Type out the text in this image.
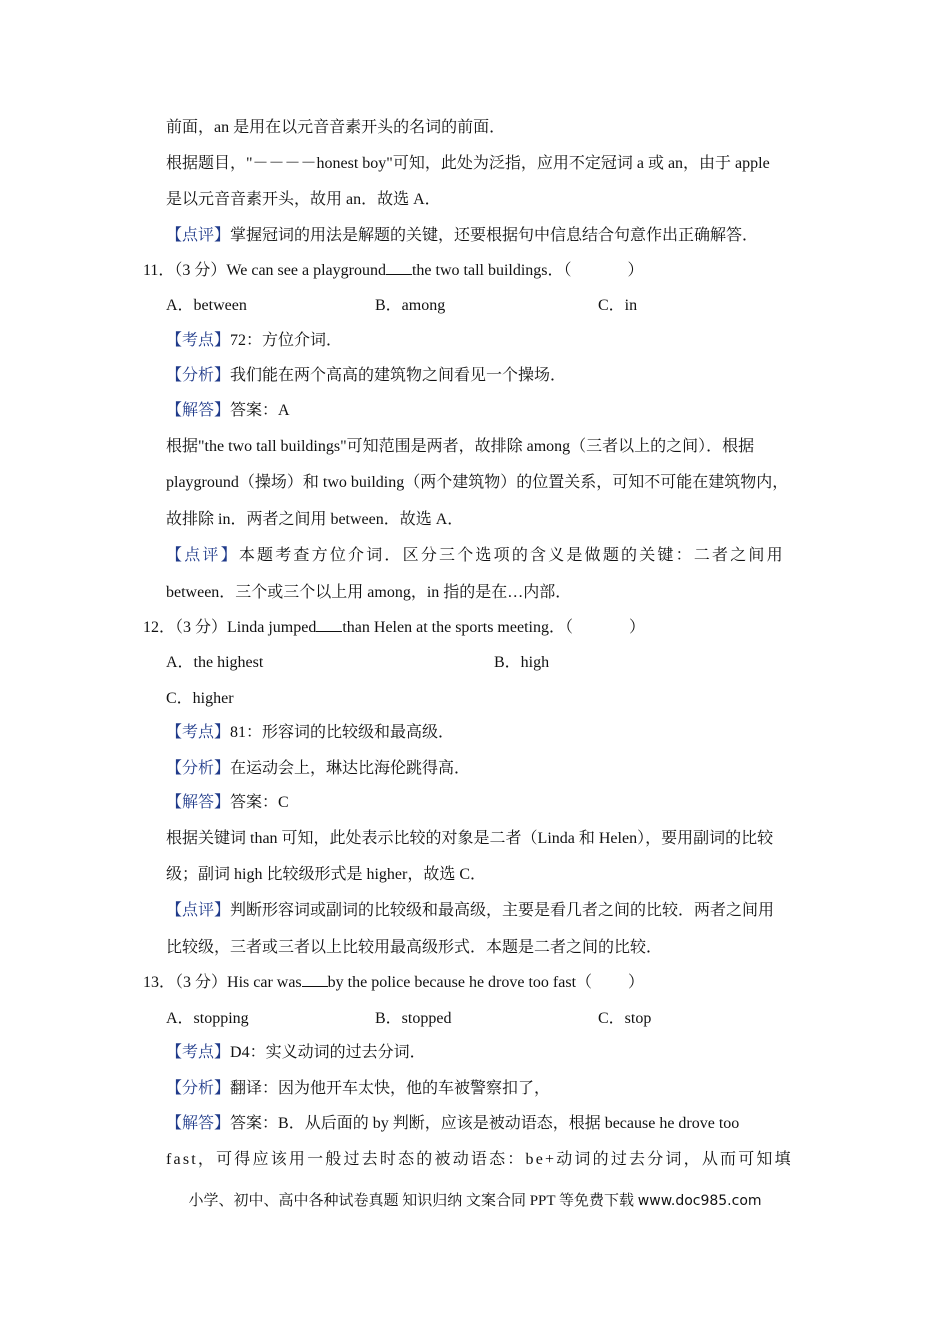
前面，an 是用在以元音音素开头的名词的前面．
根据题目，"－－－－honest boy"可知，此处为泛指，应用不定冠词 a 或 an，由于 apple
是以元音音素开头，故用 an．故选 A．
【点评】掌握冠词的用法是解题的关键，还要根据句中信息结合句意作出正确解答．
11．（3 分）We can see a playground the two tall buildings．（	）
A．between	B．among	C．in
【考点】72：方位介词．
【分析】我们能在两个高高的建筑物之间看见一个操场．
【解答】答案：A
根据"the two tall buildings"可知范围是两者，故排除 among（三者以上的之间）．根据
playground（操场）和 two building（两个建筑物）的位置关系，可知不可能在建筑物内，
故排除 in．两者之间用 between．故选 A．
【点评】本题考查方位介词．区分三个选项的含义是做题的关键：二者之间用
between．三个或三个以上用 among，in 指的是在…内部．
12．（3 分）Linda jumped than Helen at the sports meeting．（	）
A．the highest	B．high
C．higher
【考点】81：形容词的比较级和最高级．
【分析】在运动会上，琳达比海伦跳得高．
【解答】答案：C
根据关键词 than 可知，此处表示比较的对象是二者（Linda 和 Helen），要用副词的比较
级；副词 high 比较级形式是 higher，故选 C．
【点评】判断形容词或副词的比较级和最高级，主要是看几者之间的比较．两者之间用
比较级，三者或三者以上比较用最高级形式．本题是二者之间的比较．
13．（3 分）His car was by the police because he drove too fast（ ）
A．stopping	B．stopped	C．stop
【考点】D4：实义动词的过去分词．
【分析】翻译：因为他开车太快，他的车被警察扣了，
【解答】答案：B．从后面的 by 判断，应该是被动语态，根据 because he drove too
fast，可得应该用一般过去时态的被动语态：be+动词的过去分词，从而可知填
小学、初中、高中各种试卷真题 知识归纳 文案合同 PPT 等免费下载 www.doc985.com
